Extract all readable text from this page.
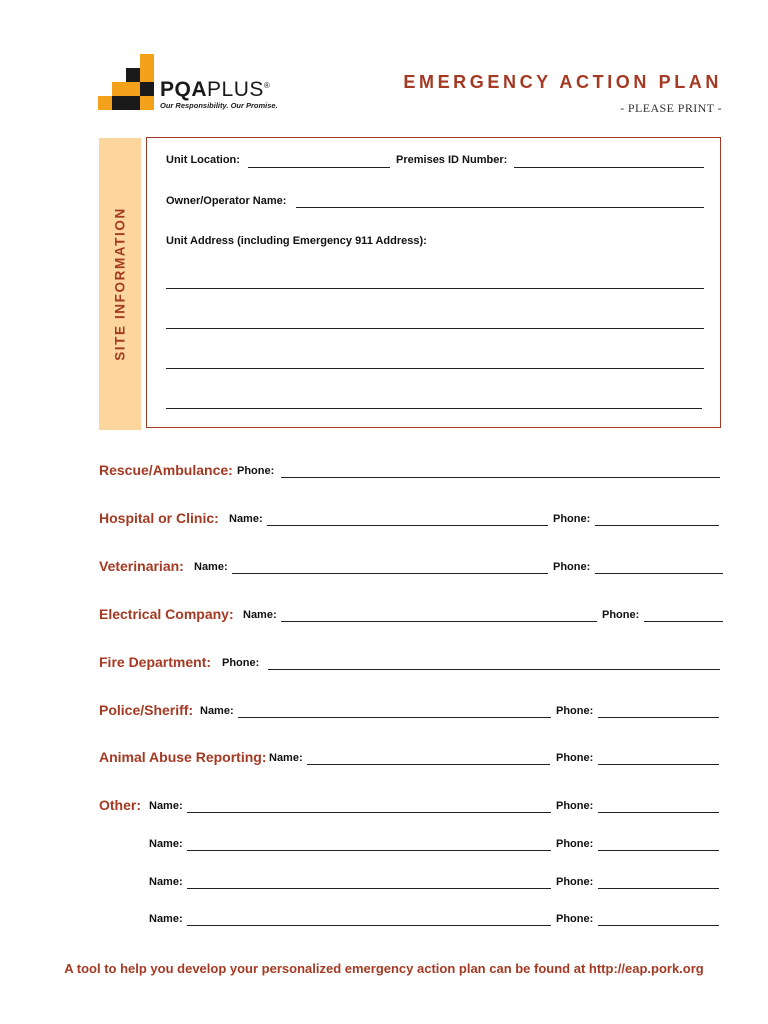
PQAPLUS®
Our Responsibility. Our Promise.
EMERGENCY ACTION PLAN
- PLEASE PRINT -
SITE INFORMATION
Unit Location:	Premises ID Number:
Owner/Operator Name:
Unit Address (including Emergency 911 Address):
Rescue/Ambulance: Phone:
Hospital or Clinic: Name:	Phone:
Veterinarian: Name:	Phone:
Electrical Company: Name:	Phone:
Fire Department: Phone:
Police/Sheriff: Name:	Phone:
Animal Abuse Reporting: Name:	Phone:
Other: Name:	Phone:
Name:	Phone:
Name:	Phone:
Name:	Phone:
A tool to help you develop your personalized emergency action plan can be found at http://eap.pork.org
